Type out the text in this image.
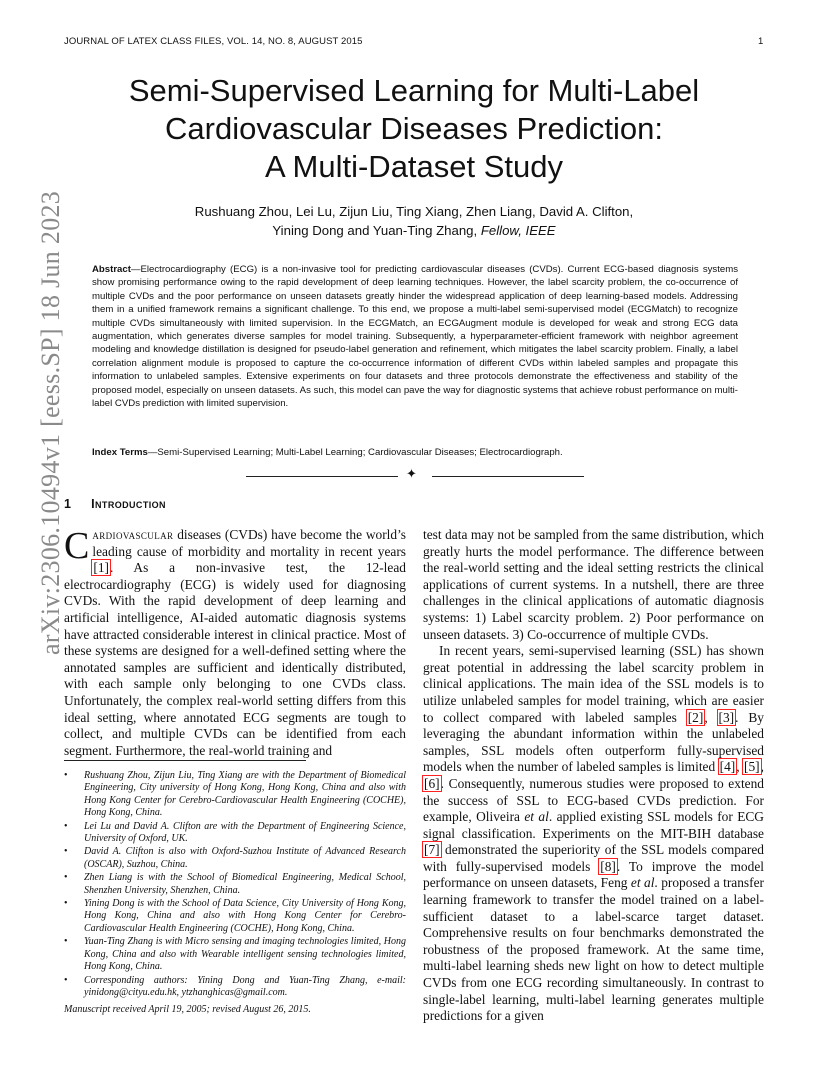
JOURNAL OF LATEX CLASS FILES, VOL. 14, NO. 8, AUGUST 2015	1
arXiv:2306.10494v1 [eess.SP] 18 Jun 2023
Semi-Supervised Learning for Multi-Label
Cardiovascular Diseases Prediction:
A Multi-Dataset Study
Rushuang Zhou, Lei Lu, Zijun Liu, Ting Xiang, Zhen Liang, David A. Clifton,
Yining Dong and Yuan-Ting Zhang, Fellow, IEEE
Abstract—Electrocardiography (ECG) is a non-invasive tool for predicting cardiovascular diseases (CVDs). Current ECG-based diagnosis systems show promising performance owing to the rapid development of deep learning techniques. However, the label scarcity problem, the co-occurrence of multiple CVDs and the poor performance on unseen datasets greatly hinder the widespread application of deep learning-based models. Addressing them in a unified framework remains a significant challenge. To this end, we propose a multi-label semi-supervised model (ECGMatch) to recognize multiple CVDs simultaneously with limited supervision. In the ECGMatch, an ECGAugment module is developed for weak and strong ECG data augmentation, which generates diverse samples for model training. Subsequently, a hyperparameter-efficient framework with neighbor agreement modeling and knowledge distillation is designed for pseudo-label generation and refinement, which mitigates the label scarcity problem. Finally, a label correlation alignment module is proposed to capture the co-occurrence information of different CVDs within labeled samples and propagate this information to unlabeled samples. Extensive experiments on four datasets and three protocols demonstrate the effectiveness and stability of the proposed model, especially on unseen datasets. As such, this model can pave the way for diagnostic systems that achieve robust performance on multi-label CVDs prediction with limited supervision.
Index Terms—Semi-Supervised Learning; Multi-Label Learning; Cardiovascular Diseases; Electrocardiograph.
✦
1 Introduction

Cardiovascular diseases (CVDs) have become the world’s leading cause of morbidity and mortality in recent years [1]. As a non-invasive test, the 12-lead electrocardiography (ECG) is widely used for diagnosing CVDs. With the rapid development of deep learning and artificial intelligence, AI-aided automatic diagnosis systems have attracted considerable interest in clinical practice. Most of these systems are designed for a well-defined setting where the annotated samples are sufficient and identically distributed, with each sample only belonging to one CVDs class. Unfortunately, the complex real-world setting differs from this ideal setting, where annotated ECG segments are tough to collect, and multiple CVDs can be identified from each segment. Furthermore, the real-world training and

• Rushuang Zhou, Zijun Liu, Ting Xiang are with the Department of Biomedical Engineering, City university of Hong Kong, Hong Kong, China and also with Hong Kong Center for Cerebro-Cardiovascular Health Engineering (COCHE), Hong Kong, China.
• Lei Lu and David A. Clifton are with the Department of Engineering Science, University of Oxford, UK.
• David A. Clifton is also with Oxford-Suzhou Institute of Advanced Research (OSCAR), Suzhou, China.
• Zhen Liang is with the School of Biomedical Engineering, Medical School, Shenzhen University, Shenzhen, China.
• Yining Dong is with the School of Data Science, City University of Hong Kong, Hong Kong, China and also with Hong Kong Center for Cerebro-Cardiovascular Health Engineering (COCHE), Hong Kong, China.
• Yuan-Ting Zhang is with Micro sensing and imaging technologies limited, Hong Kong, China and also with Wearable intelligent sensing technologies limited, Hong Kong, China.
• Corresponding authors: Yining Dong and Yuan-Ting Zhang, e-mail: yinidong@cityu.edu.hk, ytzhanghicas@gmail.com.
Manuscript received April 19, 2005; revised August 26, 2015.

test data may not be sampled from the same distribution, which greatly hurts the model performance. The difference between the real-world setting and the ideal setting restricts the clinical applications of current systems. In a nutshell, there are three challenges in the clinical applications of automatic diagnosis systems: 1) Label scarcity problem. 2) Poor performance on unseen datasets. 3) Co-occurrence of multiple CVDs.

In recent years, semi-supervised learning (SSL) has shown great potential in addressing the label scarcity problem in clinical applications. The main idea of the SSL models is to utilize unlabeled samples for model training, which are easier to collect compared with labeled samples [2], [3]. By leveraging the abundant information within the unlabeled samples, SSL models often outperform fully-supervised models when the number of labeled samples is limited [4], [5], [6]. Consequently, numerous studies were proposed to extend the success of SSL to ECG-based CVDs prediction. For example, Oliveira et al. applied existing SSL models for ECG signal classification. Experiments on the MIT-BIH database [7] demonstrated the superiority of the SSL models compared with fully-supervised models [8]. To improve the model performance on unseen datasets, Feng et al. proposed a transfer learning framework to transfer the model trained on a label-sufficient dataset to a label-scarce target dataset. Comprehensive results on four benchmarks demonstrated the robustness of the proposed framework. At the same time, multi-label learning sheds new light on how to detect multiple CVDs from one ECG recording simultaneously. In contrast to single-label learning, multi-label learning generates multiple predictions for a given
